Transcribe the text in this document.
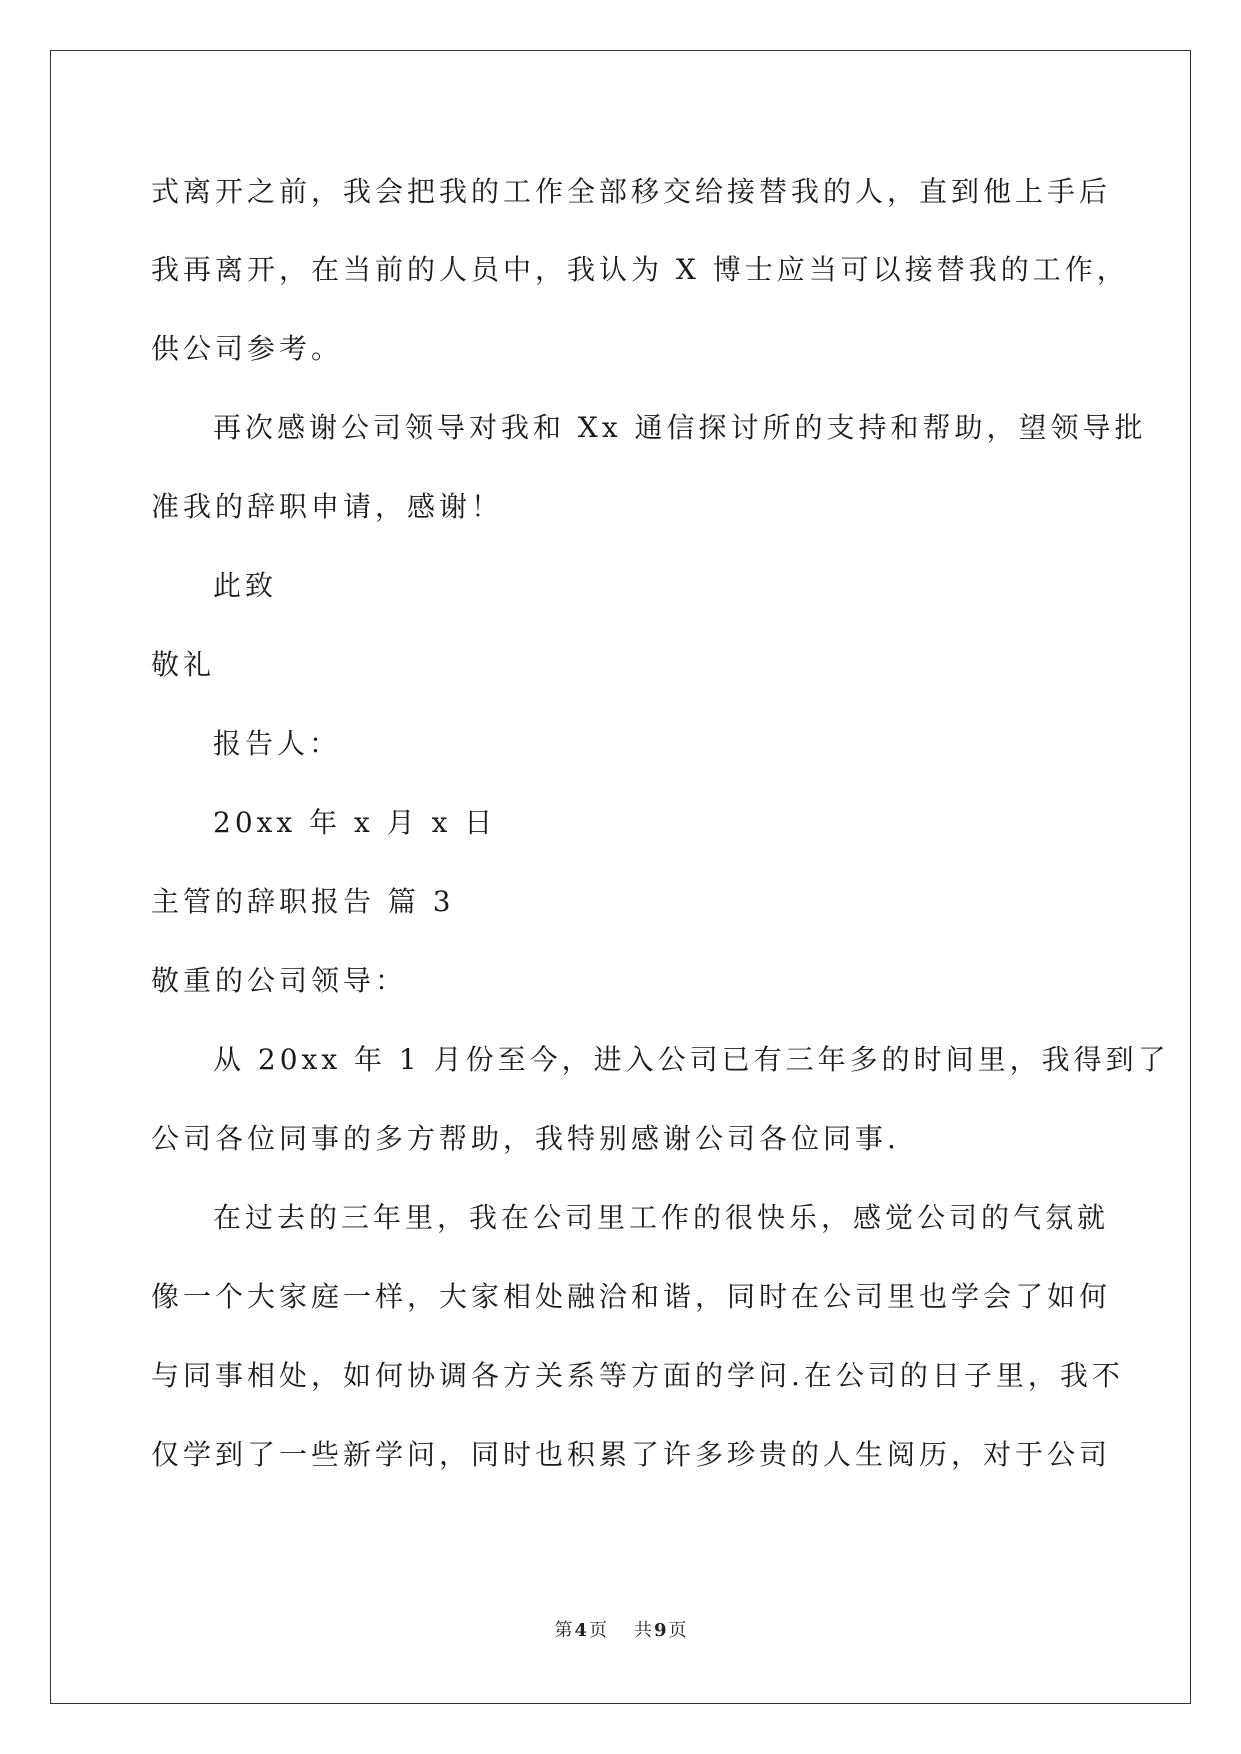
式离开之前，我会把我的工作全部移交给接替我的人，直到他上手后
我再离开，在当前的人员中，我认为 X 博士应当可以接替我的工作，
供公司参考。
再次感谢公司领导对我和 Xx 通信探讨所的支持和帮助，望领导批
准我的辞职申请，感谢！
此致
敬礼
报告人：
20xx 年 x 月 x 日
主管的辞职报告 篇 3
敬重的公司领导：
从 20xx 年 1 月份至今，进入公司已有三年多的时间里，我得到了
公司各位同事的多方帮助，我特别感谢公司各位同事.
在过去的三年里，我在公司里工作的很快乐，感觉公司的气氛就
像一个大家庭一样，大家相处融洽和谐，同时在公司里也学会了如何
与同事相处，如何协调各方关系等方面的学问.在公司的日子里，我不
仅学到了一些新学问，同时也积累了许多珍贵的人生阅历，对于公司
第 4 页 共 9 页
